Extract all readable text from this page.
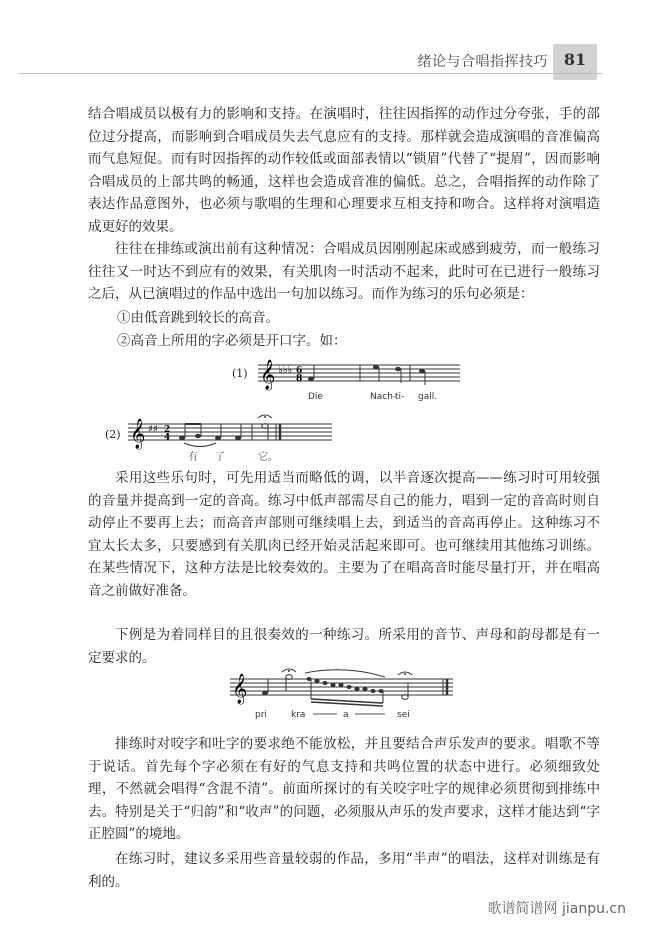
绪论与合唱指挥技巧 81

结合唱成员以极有力的影响和支持。在演唱时，往往因指挥的动作过分夸张，手的部位过分提高，而影响到合唱成员失去气息应有的支持。那样就会造成演唱的音准偏高而气息短促。而有时因指挥的动作较低或面部表情以“锁眉”代替了“提眉”，因而影响合唱成员的上部共鸣的畅通，这样也会造成音准的偏低。总之，合唱指挥的动作除了表达作品意图外，也必须与歌唱的生理和心理要求互相支持和吻合。这样将对演唱造成更好的效果。

往往在排练或演出前有这种情况：合唱成员因刚刚起床或感到疲劳，而一般练习往往又一时达不到应有的效果，有关肌肉一时活动不起来，此时可在已进行一般练习之后，从已演唱过的作品中选出一句加以练习。而作为练习的乐句必须是：

①由低音跳到较长的高音。
②高音上所用的字必须是开口字。如：
(1) 𝄞 ♭♭♭ 6
8
Die	Nach-
ti- gall.
(2) 𝄞 ♯♯ 2
4
有 了	它。

采用这些乐句时，可先用适当而略低的调，以半音逐次提高——练习时可用较强的音量并提高到一定的音高。练习中低声部需尽自己的能力，唱到一定的音高时则自动停止不要再上去；而高音声部则可继续唱上去，到适当的音高再停止。这种练习不宜太长太多，只要感到有关肌肉已经开始灵活起来即可。也可继续用其他练习训练。在某些情况下，这种方法是比较奏效的。主要为了在唱高音时能尽量打开，并在唱高音之前做好准备。

下例是为着同样目的且很奏效的一种练习。所采用的音节、声母和韵母都是有一定要求的。

𝄞
pri	kra	a	sei

排练时对咬字和吐字的要求绝不能放松，并且要结合声乐发声的要求。唱歌不等于说话。首先每个字必须在有好的气息支持和共鸣位置的状态中进行。必须细致处理，不然就会唱得“含混不清”。前面所探讨的有关咬字吐字的规律必须贯彻到排练中去。特别是关于“归韵”和“收声”的问题，必须服从声乐的发声要求，这样才能达到“字正腔圆”的境地。

在练习时，建议多采用些音量较弱的作品，多用“半声”的唱法，这样对训练是有利的。

歌谱简谱网 jianpu.cn
